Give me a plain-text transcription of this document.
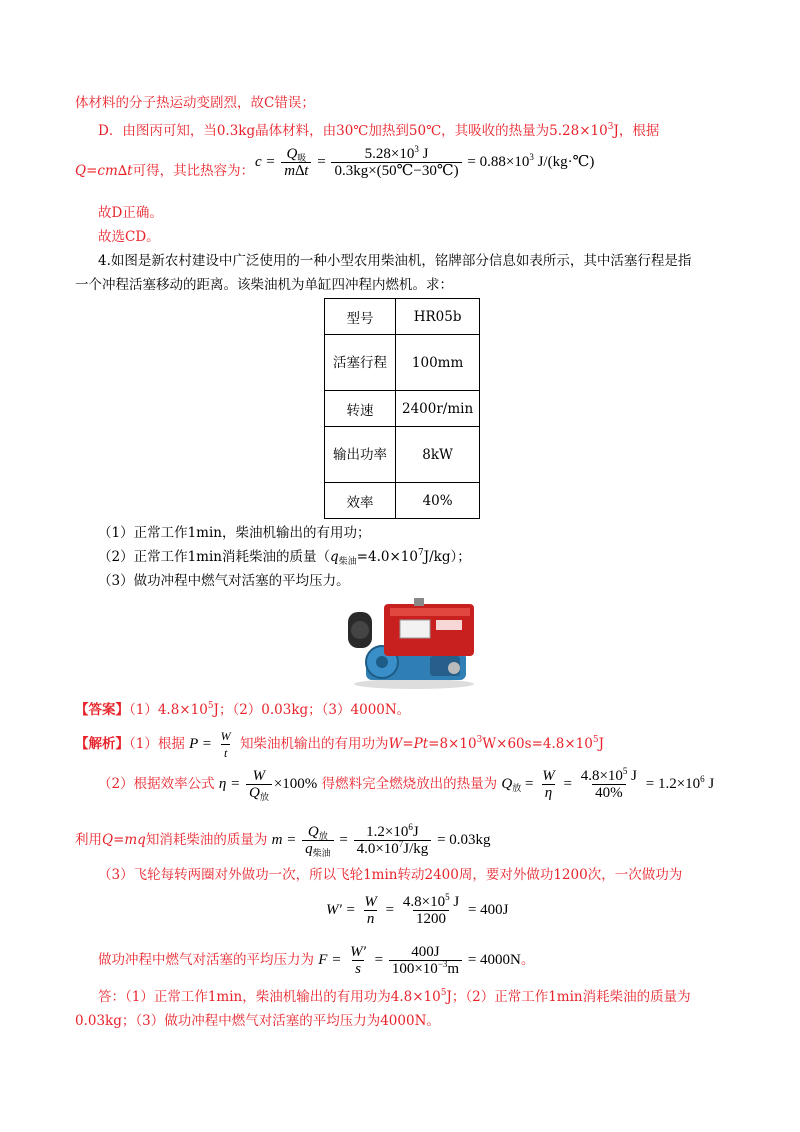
体材料的分子热运动变剧烈，故C错误；
D．由图丙可知，当0.3kg晶体材料，由30℃加热到50℃，其吸收的热量为$5.28\times 10^3J$，根据
Q=cm∆t可得，其比热容为：
$c = \frac{Q_吸}{m\Delta t} = \frac{5.28\times 10^3 J}{0.3kg\times(50℃-30℃)} = 0.88\times 10^3$ J/(kg·℃)
故D正确。
故选CD。
4.如图是新农村建设中广泛使用的一种小型农用柴油机，铭牌部分信息如表所示，其中活塞行程是指
一个冲程活塞移动的距离。该柴油机为单缸四冲程内燃机。求：
型号	HR05b
活塞行程	100mm
转速	2400r/min
输出功率	8kW
效率	40%
（1）正常工作1min，柴油机输出的有用功；
（2）正常工作1min消耗柴油的质量$(q_{柴油}=4.0\times 10^7J/kg)$；
（3）做功冲程中燃气对活塞的平均压力。
【答案】$(1)4.8\times 10^5J$；（2）0.03kg；（3）4000N。
【解析】（1）根据 $P = \frac{W}{t}$ 知柴油机输出的有用功为$W=Pt=8\times 10^3W\times 60s=4.8\times 10^5J$
（2）根据效率公式 $\eta = \frac{W}{Q_放} \times 100\%$ 得燃料完全燃烧放出的热量为 $Q_放 = \frac{W}{\eta} = \frac{4.8\times 10^5 J}{40\%} = 1.2\times 10^6$ J
利用Q=mq知消耗柴油的质量为 $m = \frac{Q_放}{q_{柴油}} = \frac{1.2\times 10^6J}{4.0\times 10^7J/kg} = 0.03kg$
（3）飞轮每转两圈对外做功一次，所以飞轮1min转动2400周，要对外做功1200次，一次做功为
$W' = \frac{W}{n} = \frac{4.8\times 10^5 J}{1200} = 400J$
做功冲程中燃气对活塞的平均压力为 $F = \frac{W'}{s} = \frac{400J}{100\times 10^{-3}m} = 4000N$。
答：（1）正常工作1min，柴油机输出的有用功为$4.8\times 10^5J$；（2）正常工作1min消耗柴油的质量为
0.03kg；（3）做功冲程中燃气对活塞的平均压力为4000N。
